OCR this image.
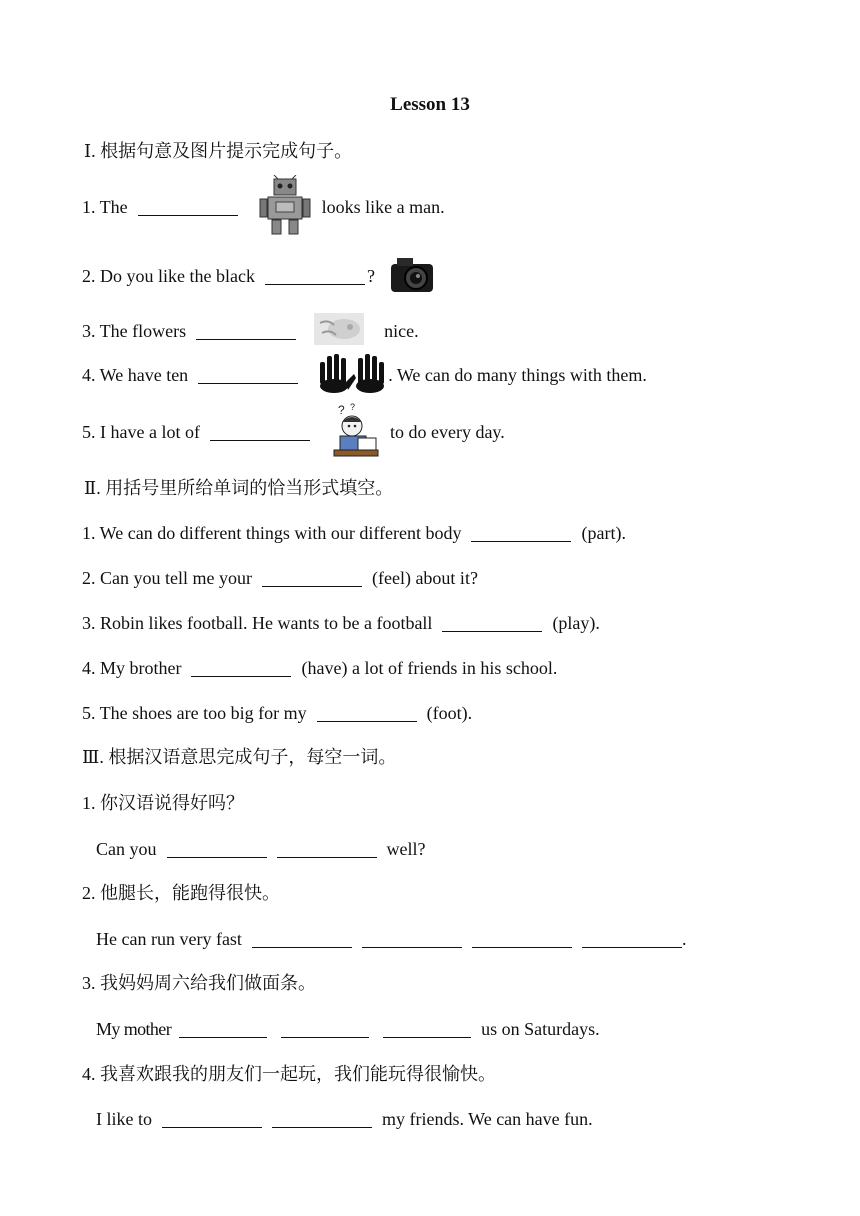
Lesson 13
Ⅰ. 根据句意及图片提示完成句子。
1. The	looks like a man.
2. Do you like the black	?
3. The flowers	nice.
4. We have ten	. We can do many things with them.
5. I have a lot of
? ?
to do every day.
Ⅱ. 用括号里所给单词的恰当形式填空。
1. We can do different things with our different body	(part).
2. Can you tell me your	(feel) about it?
3. Robin likes football. He wants to be a football	(play).
4. My brother	(have) a lot of friends in his school.
5. The shoes are too big for my	(foot).
Ⅲ. 根据汉语意思完成句子，每空一词。
1. 你汉语说得好吗？
Can you	well?
2. 他腿长，能跑得很快。
He can run very fast	.
3. 我妈妈周六给我们做面条。
My mother	us on Saturdays.
4. 我喜欢跟我的朋友们一起玩，我们能玩得很愉快。
I like to	my friends. We can have fun.
